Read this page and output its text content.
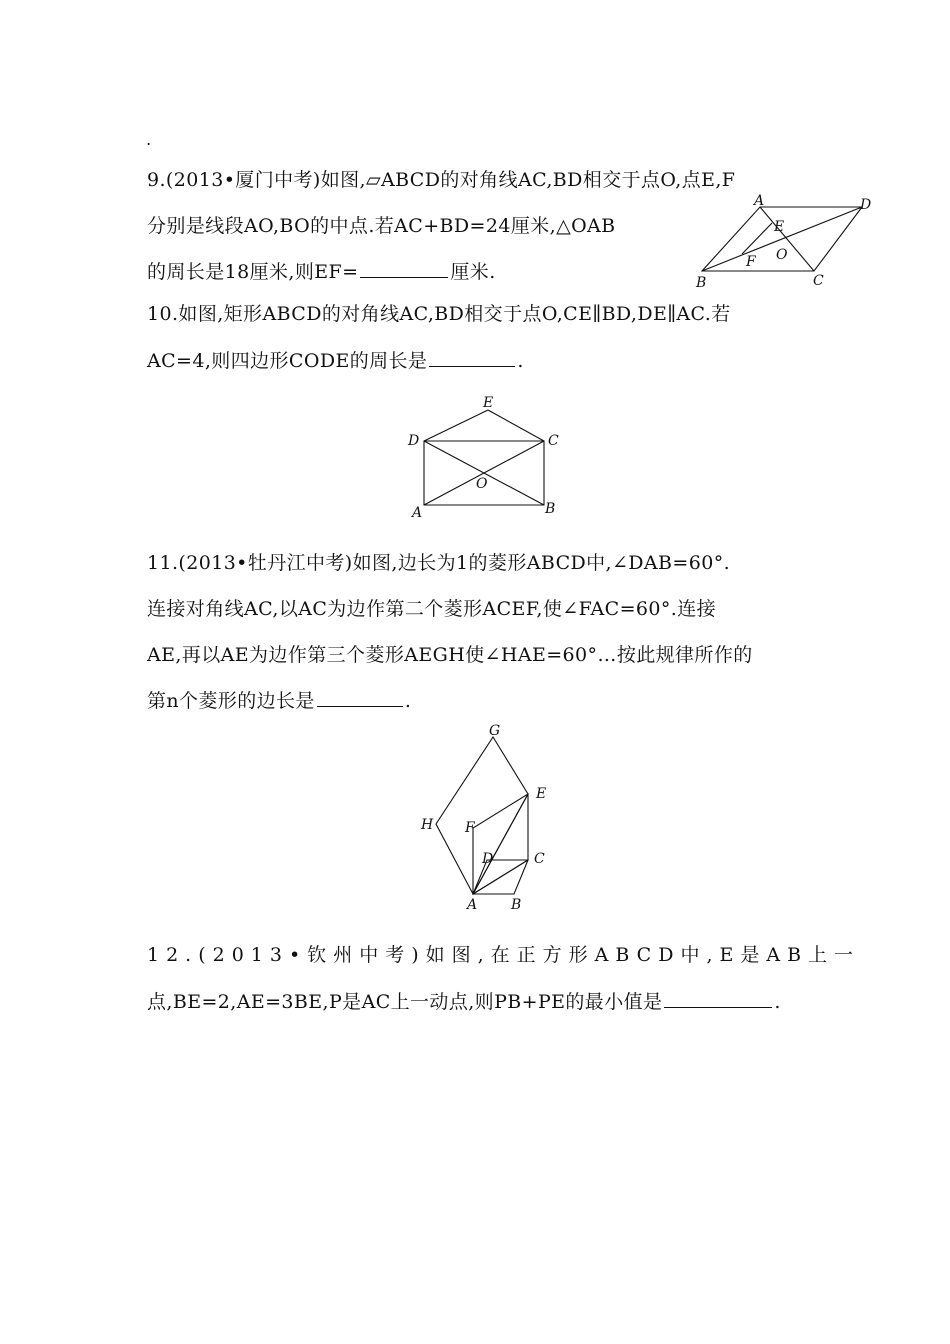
.
9.(2013•厦门中考)如图,▱ABCD的对角线AC,BD相交于点O,点E,F
分别是线段AO,BO的中点.若AC+BD=24厘米,△OAB
的周长是18厘米,则EF=	厘米.
A	D
E
F O
B	C
10.如图,矩形ABCD的对角线AC,BD相交于点O,CE∥BD,DE∥AC.若
AC=4,则四边形CODE的周长是	.
E
D	C
O
A	B
11.(2013•牡丹江中考)如图,边长为1的菱形ABCD中,∠DAB=60°.
连接对角线AC,以AC为边作第二个菱形ACEF,使∠FAC=60°.连接
AE,再以AE为边作第三个菱形AEGH使∠HAE=60°…按此规律所作的
第n个菱形的边长是	.
G
E
H F
D	C
A B
12.(2013•钦州中考)如图,在正方形ABCD中,E是AB上一
点,BE=2,AE=3BE,P是AC上一动点,则PB+PE的最小值是	.
